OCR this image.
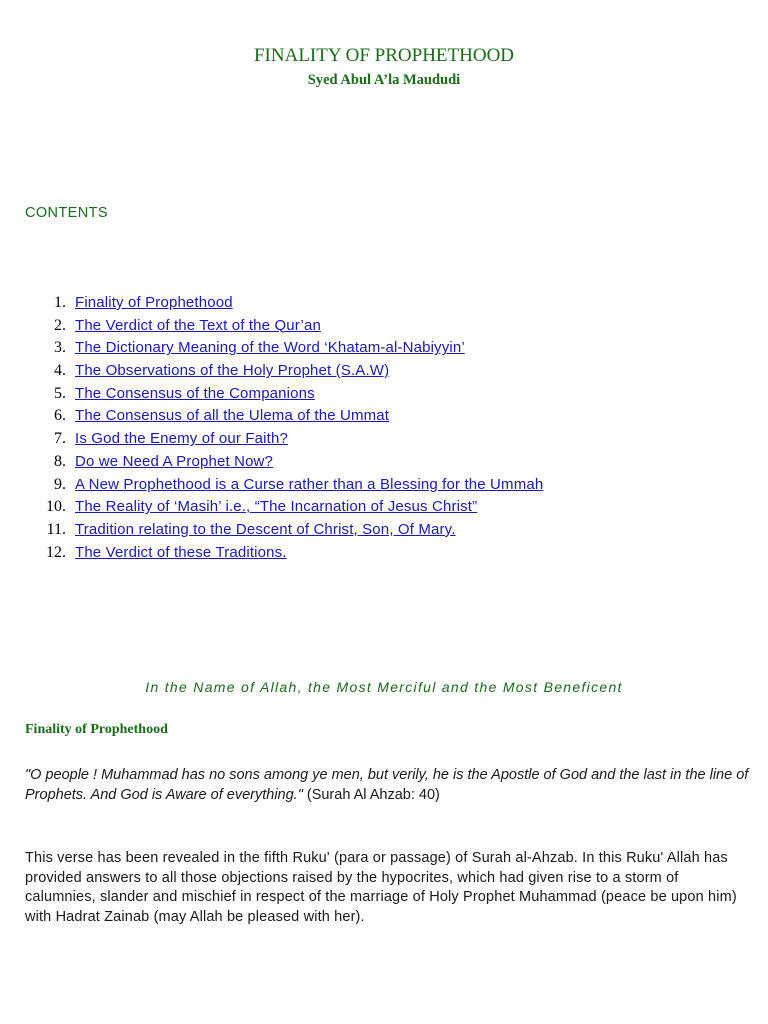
FINALITY OF PROPHETHOOD
Syed Abul A’la Maududi
CONTENTS
1. Finality of Prophethood
2. The Verdict of the Text of the Qur’an
3. The Dictionary Meaning of the Word ‘Khatam-al-Nabiyyin’
4. The Observations of the Holy Prophet (S.A.W)
5. The Consensus of the Companions
6. The Consensus of all the Ulema of the Ummat
7. Is God the Enemy of our Faith?
8. Do we Need A Prophet Now?
9. A New Prophethood is a Curse rather than a Blessing for the Ummah
10. The Reality of ‘Masih’ i.e., “The Incarnation of Jesus Christ”
11. Tradition relating to the Descent of Christ, Son, Of Mary.
12. The Verdict of these Traditions.

In the Name of Allah, the Most Merciful and the Most Beneficent

Finality of Prophethood

"O people ! Muhammad has no sons among ye men, but verily, he is the Apostle of God and the last in the line of Prophets. And God is Aware of everything." (Surah Al Ahzab: 40)

This verse has been revealed in the fifth Ruku' (para or passage) of Surah al-Ahzab. In this Ruku' Allah has provided answers to all those objections raised by the hypocrites, which had given rise to a storm of calumnies, slander and mischief in respect of the marriage of Holy Prophet Muhammad (peace be upon him) with Hadrat Zainab (may Allah be pleased with her).
